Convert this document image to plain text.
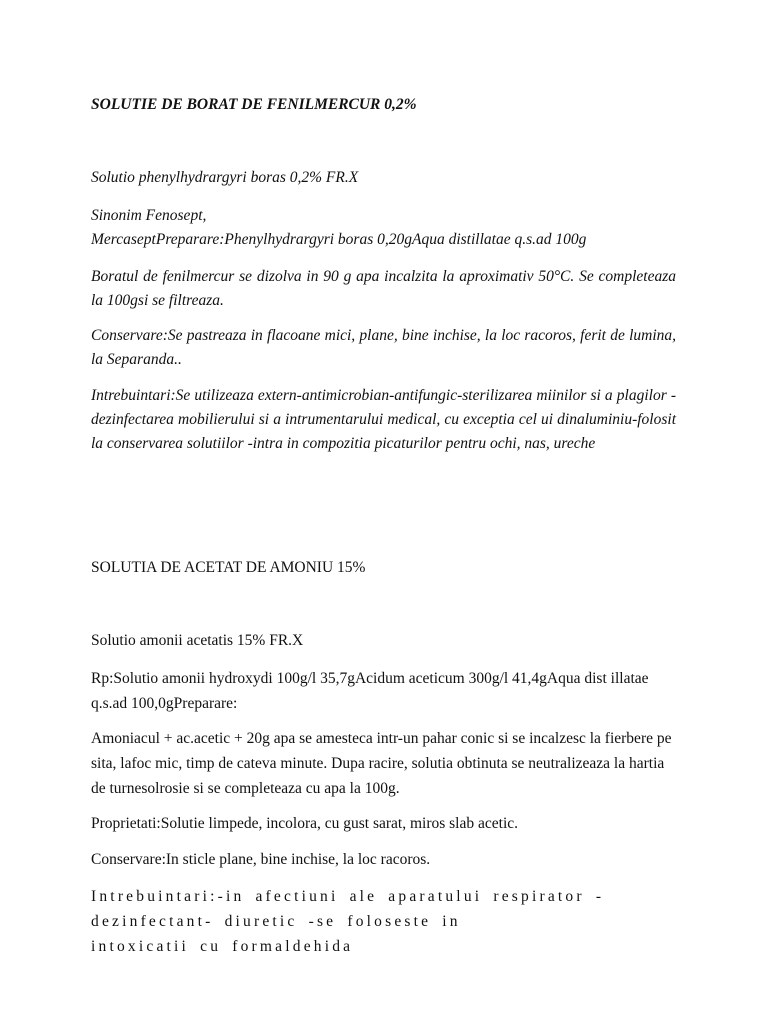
SOLUTIE DE BORAT DE FENILMERCUR 0,2%

Solutio phenylhydrargyri boras 0,2% FR.X

Sinonim Fenosept,

MercaseptPreparare:Phenylhydrargyri boras 0,20gAqua distillatae q.s.ad 100g

Boratul de fenilmercur se dizolva in 90 g apa incalzita la aproximativ 50°C. Se completeaza la 100gsi se filtreaza.

Conservare:Se pastreaza in flacoane mici, plane, bine inchise, la loc racoros, ferit de lumina, la Separanda..

Intrebuintari:Se utilizeaza extern-antimicrobian-antifungic-sterilizarea miinilor si a plagilor -dezinfectarea mobilierului si a intrumentarului medical, cu exceptia cel ui dinaluminiu-folosit la conservarea solutiilor -intra in compozitia picaturilor pentru ochi, nas, ureche

SOLUTIA DE ACETAT DE AMONIU 15%

Solutio amonii acetatis 15% FR.X

Rp:Solutio amonii hydroxydi 100g/l 35,7gAcidum aceticum 300g/l 41,4gAqua dist illatae q.s.ad 100,0gPreparare:

Amoniacul + ac.acetic + 20g apa se amesteca intr-un pahar conic si se incalzesc la fierbere pe sita, lafoc mic, timp de cateva minute. Dupa racire, solutia obtinuta se neutralizeaza la hartia de turnesolrosie si se completeaza cu apa la 100g.

Proprietati:Solutie limpede, incolora, cu gust sarat, miros slab acetic.

Conservare:In sticle plane, bine inchise, la loc racoros.

Intrebuintari:-in afectiuni ale aparatului respirator -

dezinfectant- diuretic -se foloseste in

intoxicatii cu formaldehida
